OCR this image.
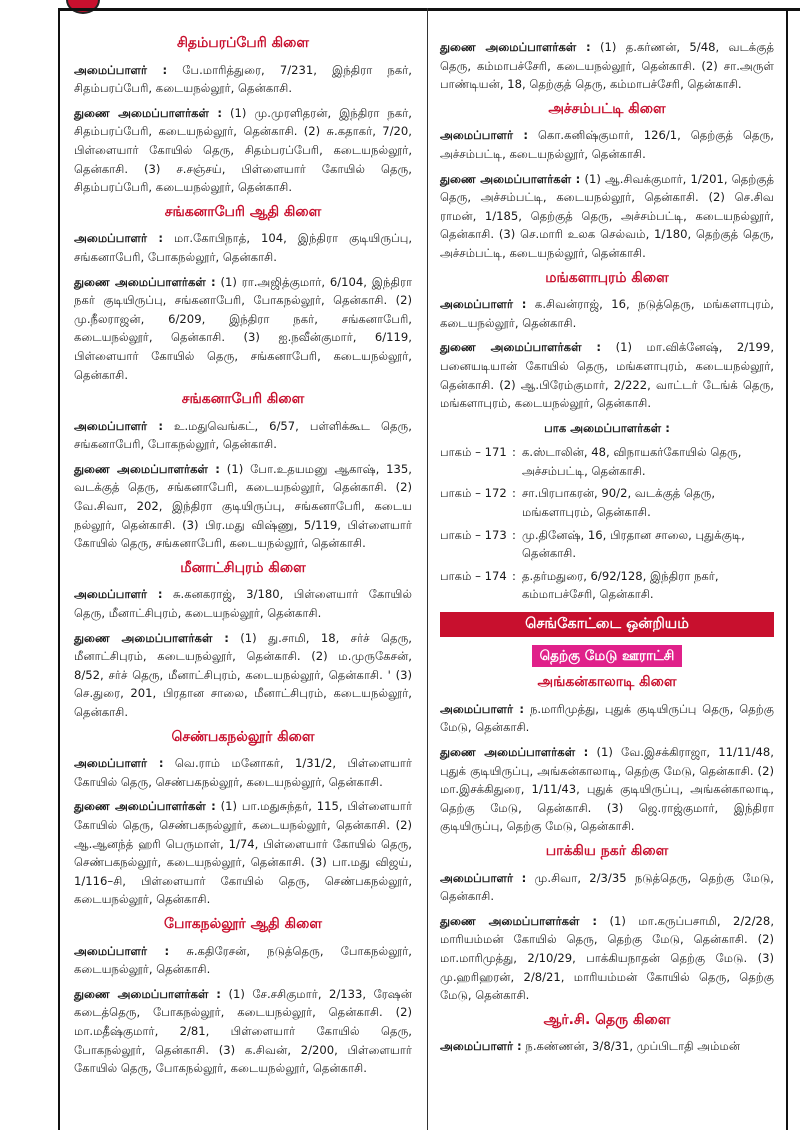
சிதம்பரப்பேரி கிளை

அமைப்பாளர் : பே.மாரித்துரை, 7/231, இந்திரா நகர், சிதம்பரப்பேரி, கடையநல்லூர், தென்காசி.

துணை அமைப்பாளர்கள் : (1) மு.முரளிதரன், இந்திரா நகர், சிதம்பரப்பேரி, கடையநல்லூர், தென்காசி. (2) சு.கதாகர், 7/20, பிள்ளையார் கோயில் தெரு, சிதம்பரப்பேரி, கடையநல்லூர், தென்காசி. (3) ச.சஞ்சய், பிள்ளையார் கோயில் தெரு, சிதம்பரப்பேரி, கடையநல்லூர், தென்காசி.

சங்கனாபேரி ஆதி கிளை

அமைப்பாளர் : மா.கோபிநாத், 104, இந்திரா குடியிருப்பு, சங்கனாபேரி, போகநல்லூர், தென்காசி.

துணை அமைப்பாளர்கள் : (1) ரா.அஜித்குமார், 6/104, இந்திரா நகர் குடியிருப்பு, சங்கனாபேரி, போகநல்லூர், தென்காசி. (2) மு.நீலராஜன், 6/209, இந்திரா நகர், சங்கனாபேரி, கடையநல்லூர், தென்காசி. (3) ஐ.நவீன்குமார், 6/119, பிள்ளையார் கோயில் தெரு, சங்கனாபேரி, கடையநல்லூர், தென்காசி.

சங்கனாபேரி கிளை

அமைப்பாளர் : உ.மதுவெங்கட், 6/57, பள்ளிக்கூட தெரு, சங்கனாபேரி, போகநல்லூர், தென்காசி.

துணை அமைப்பாளர்கள் : (1) போ.உதயமனு ஆகாஷ், 135, வடக்குத் தெரு, சங்கனாபேரி, கடையநல்லூர், தென்காசி. (2) வே.சிவா, 202, இந்திரா குடியிருப்பு, சங்கனாபேரி, கடைய நல்லூர், தென்காசி. (3) பிர.மது விஷ்ணு, 5/119, பிள்ளையார் கோயில் தெரு, சங்கனாபேரி, கடையநல்லூர், தென்காசி.

மீனாட்சிபுரம் கிளை

அமைப்பாளர் : சு.கனகராஜ், 3/180, பிள்ளையார் கோயில் தெரு, மீனாட்சிபுரம், கடையநல்லூர், தென்காசி.

துணை அமைப்பாளர்கள் : (1) து.சாமி, 18, சர்ச் தெரு, மீனாட்சிபுரம், கடையநல்லூர், தென்காசி. (2) ம.முருகேசன், 8/52, சர்ச் தெரு, மீனாட்சிபுரம், கடையநல்லூர், தென்காசி. ' (3) செ.துரை, 201, பிரதான சாலை, மீனாட்சிபுரம், கடையநல்லூர், தென்காசி.

செண்பகநல்லூர் கிளை

அமைப்பாளர் : வெ.ராம் மனோகர், 1/31/2, பிள்ளையார் கோயில் தெரு, செண்பகநல்லூர், கடையநல்லூர், தென்காசி.

துணை அமைப்பாளர்கள் : (1) பா.மதுசுந்தர், 115, பிள்ளையார் கோயில் தெரு, செண்பகநல்லூர், கடையநல்லூர், தென்காசி. (2) ஆ.ஆனந்த் ஹரி பெருமாள், 1/74, பிள்ளையார் கோயில் தெரு, செண்பகநல்லூர், கடையநல்லூர், தென்காசி. (3) பா.மது விஜய், 1/116–சி, பிள்ளையார் கோயில் தெரு, செண்பகநல்லூர், கடையநல்லூர், தென்காசி.

போகநல்லூர் ஆதி கிளை

அமைப்பாளர் : சு.கதிரேசன், நடுத்தெரு, போகநல்லூர், கடையநல்லூர், தென்காசி.

துணை அமைப்பாளர்கள் : (1) சே.சசிகுமார், 2/133, ரேஷன் கடைத்தெரு, போகநல்லூர், கடையநல்லூர், தென்காசி. (2) மா.மதீஷ்குமார், 2/81, பிள்ளையார் கோயில் தெரு, போகநல்லூர், தென்காசி. (3) க.சிவன், 2/200, பிள்ளையார் கோயில் தெரு, போகநல்லூர், கடையநல்லூர், தென்காசி.

துணை அமைப்பாளர்கள் : (1) த.கர்ணன், 5/48, வடக்குத் தெரு, கம்மாபச்சேரி, கடையநல்லூர், தென்காசி. (2) சா.அருள் பாண்டியன், 18, தெற்குத் தெரு, கம்மாபச்சேரி, தென்காசி.

அச்சம்பட்டி கிளை

அமைப்பாளர் : கொ.கனிஷ்குமார், 126/1, தெற்குத் தெரு, அச்சம்பட்டி, கடையநல்லூர், தென்காசி.

துணை அமைப்பாளர்கள் : (1) ஆ.சிவக்குமார், 1/201, தெற்குத் தெரு, அச்சம்பட்டி, கடையநல்லூர், தென்காசி. (2) செ.சிவ ராமன், 1/185, தெற்குத் தெரு, அச்சம்பட்டி, கடையநல்லூர், தென்காசி. (3) செ.மாரி உலக செல்வம், 1/180, தெற்குத் தெரு, அச்சம்பட்டி, கடையநல்லூர், தென்காசி.

மங்களாபுரம் கிளை

அமைப்பாளர் : க.சிவன்ராஜ், 16, நடுத்தெரு, மங்களாபுரம், கடையநல்லூர், தென்காசி.

துணை அமைப்பாளர்கள் : (1) மா.விக்னேஷ், 2/199, பனையடியான் கோயில் தெரு, மங்களாபுரம், கடையநல்லூர், தென்காசி. (2) ஆ.பிரேம்குமார், 2/222, வாட்டர் டேங்க் தெரு, மங்களாபுரம், கடையநல்லூர், தென்காசி.

பாக அமைப்பாளர்கள் :
பாகம் – 171 : க.ஸ்டாலின், 48, விநாயகர்கோயில் தெரு, அச்சம்பட்டி, தென்காசி.
பாகம் – 172 : சா.பிரபாகரன், 90/2, வடக்குத் தெரு, மங்களாபுரம், தென்காசி.
பாகம் – 173 : மு.தினேஷ், 16, பிரதான சாலை, புதுக்குடி, தென்காசி.
பாகம் – 174 : த.தர்மதுரை, 6/92/128, இந்திரா நகர், கம்மாபச்சேரி, தென்காசி.
செங்கோட்டை ஒன்றியம்
தெற்கு மேடு ஊராட்சி
அங்கன்காலாடி கிளை

அமைப்பாளர் : ந.மாரிமுத்து, புதுக் குடியிருப்பு தெரு, தெற்கு மேடு, தென்காசி.

துணை அமைப்பாளர்கள் : (1) வே.இசக்கிராஜா, 11/11/48, புதுக் குடியிருப்பு, அங்கன்காலாடி, தெற்கு மேடு, தென்காசி. (2) மா.இசக்கிதுரை, 1/11/43, புதுக் குடியிருப்பு, அங்கன்காலாடி, தெற்கு மேடு, தென்காசி. (3) ஜெ.ராஜ்குமார், இந்திரா குடியிருப்பு, தெற்கு மேடு, தென்காசி.

பாக்கிய நகர் கிளை

அமைப்பாளர் : மு.சிவா, 2/3/35 நடுத்தெரு, தெற்கு மேடு, தென்காசி.

துணை அமைப்பாளர்கள் : (1) மா.கருப்பசாமி, 2/2/28, மாரியம்மன் கோயில் தெரு, தெற்கு மேடு, தென்காசி. (2) மா.மாரிமுத்து, 2/10/29, பாக்கியநாதன் தெற்கு மேடு. (3) மு.ஹரிஹரன், 2/8/21, மாரியம்மன் கோயில் தெரு, தெற்கு மேடு, தென்காசி.

ஆர்.சி. தெரு கிளை

அமைப்பாளர் : ந.கண்ணன், 3/8/31, முப்பிடாதி அம்மன்
